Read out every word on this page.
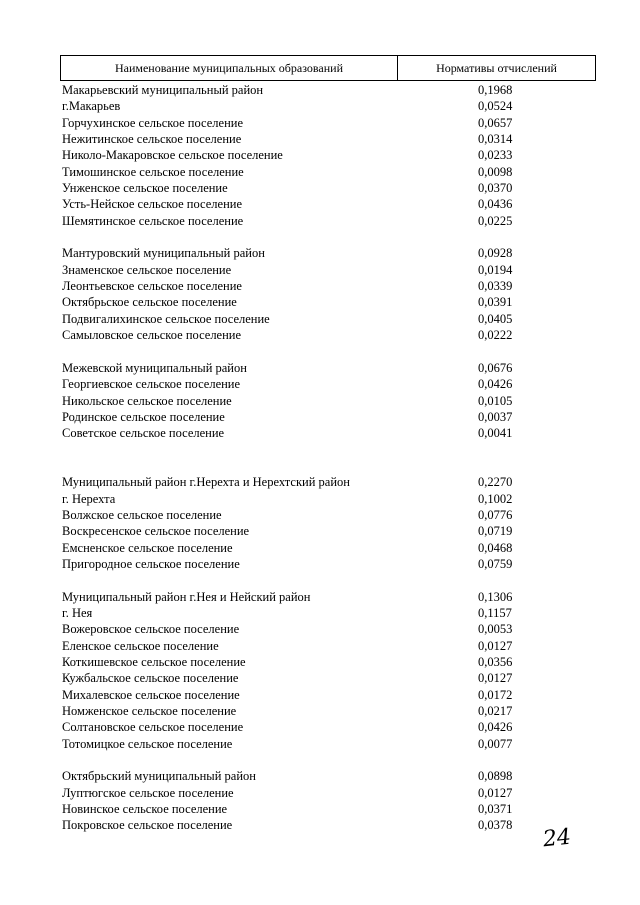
Наименование муниципальных образований	Нормативы отчислений
Макарьевский муниципальный район	0,1968
г.Макарьев	0,0524
Горчухинское сельское поселение	0,0657
Нежитинское сельское поселение	0,0314
Николо-Макаровское сельское поселение	0,0233
Тимошинское сельское поселение	0,0098
Унженское сельское поселение	0,0370
Усть-Нейское сельское поселение	0,0436
Шемятинское сельское поселение	0,0225
Мантуровский муниципальный район	0,0928
Знаменское сельское поселение	0,0194
Леонтьевское сельское поселение	0,0339
Октябрьское сельское поселение	0,0391
Подвигалихинское сельское поселение	0,0405
Самыловское сельское поселение	0,0222
Межевской муниципальный район	0,0676
Георгиевское сельское поселение	0,0426
Никольское сельское поселение	0,0105
Родинское сельское поселение	0,0037
Советское сельское поселение	0,0041
Муниципальный район г.Нерехта и Нерехтский район	0,2270
г. Нерехта	0,1002
Волжское сельское поселение	0,0776
Воскресенское сельское поселение	0,0719
Емсненское сельское поселение	0,0468
Пригородное сельское поселение	0,0759
Муниципальный район г.Нея и Нейский район	0,1306
г. Нея	0,1157
Вожеровское сельское поселение	0,0053
Еленское сельское поселение	0,0127
Коткишевское сельское поселение	0,0356
Кужбальское сельское поселение	0,0127
Михалевское сельское поселение	0,0172
Номженское сельское поселение	0,0217
Солтановское сельское поселение	0,0426
Тотомицкое сельское поселение	0,0077
Октябрьский муниципальный район	0,0898
Луптюгское сельское поселение	0,0127
Новинское сельское поселение	0,0371
Покровское сельское поселение	0,0378	24
